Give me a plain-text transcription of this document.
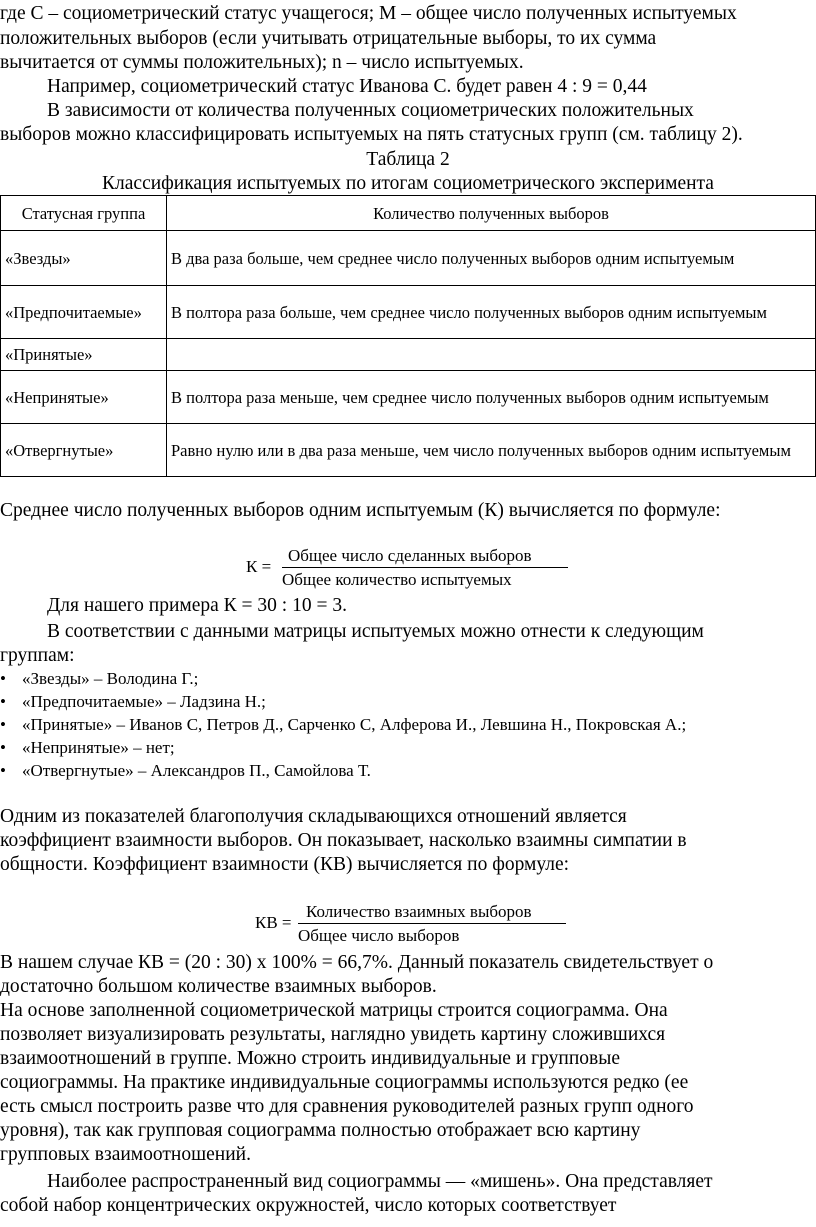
где С – социометрический статус учащегося; М – общее число полученных испытуемых
положительных выборов (если учитывать отрицательные выборы, то их сумма
вычитается от суммы положительных); n – число испытуемых.
Например, социометрический статус Иванова С. будет равен 4 : 9 = 0,44
В зависимости от количества полученных социометрических положительных
выборов можно классифицировать испытуемых на пять статусных групп (см. таблицу 2).
Таблица 2
Классификация испытуемых по итогам социометрического эксперимента
Статусная группа	Количество полученных выборов
«Звезды»	В два раза больше, чем среднее число полученных выборов одним испытуемым
«Предпочитаемые»	В полтора раза больше, чем среднее число полученных выборов одним испытуемым
«Принятые»	
«Непринятые»	В полтора раза меньше, чем среднее число полученных выборов одним испытуемым
«Отвергнутые»	Равно нулю или в два раза меньше, чем число полученных выборов одним испытуемым
Среднее число полученных выборов одним испытуемым (К) вычисляется по формуле:
К =
Общее число сделанных выборов
Общее количество испытуемых
Для нашего примера К = 30 : 10 = 3.
В соответствии с данными матрицы испытуемых можно отнести к следующим
группам:
• «Звезды» – Володина Г.;
• «Предпочитаемые» – Ладзина Н.;
• «Принятые» – Иванов С, Петров Д., Сарченко С, Алферова И., Левшина Н., Покровская А.;
• «Непринятые» – нет;
• «Отвергнутые» – Александров П., Самойлова Т.
Одним из показателей благополучия складывающихся отношений является
коэффициент взаимности выборов. Он показывает, насколько взаимны симпатии в
общности. Коэффициент взаимности (КВ) вычисляется по формуле:
КВ =
Количество взаимных выборов
Общее число выборов
В нашем случае КВ = (20 : 30) х 100% = 66,7%. Данный показатель свидетельствует о
достаточно большом количестве взаимных выборов.
На основе заполненной социометрической матрицы строится социограмма. Она
позволяет визуализировать результаты, наглядно увидеть картину сложившихся
взаимоотношений в группе. Можно строить индивидуальные и групповые
социограммы. На практике индивидуальные социограммы используются редко (ее
есть смысл построить разве что для сравнения руководителей разных групп одного
уровня), так как групповая социограмма полностью отображает всю картину
групповых взаимоотношений.
Наиболее распространенный вид социограммы — «мишень». Она представляет
собой набор концентрических окружностей, число которых соответствует
